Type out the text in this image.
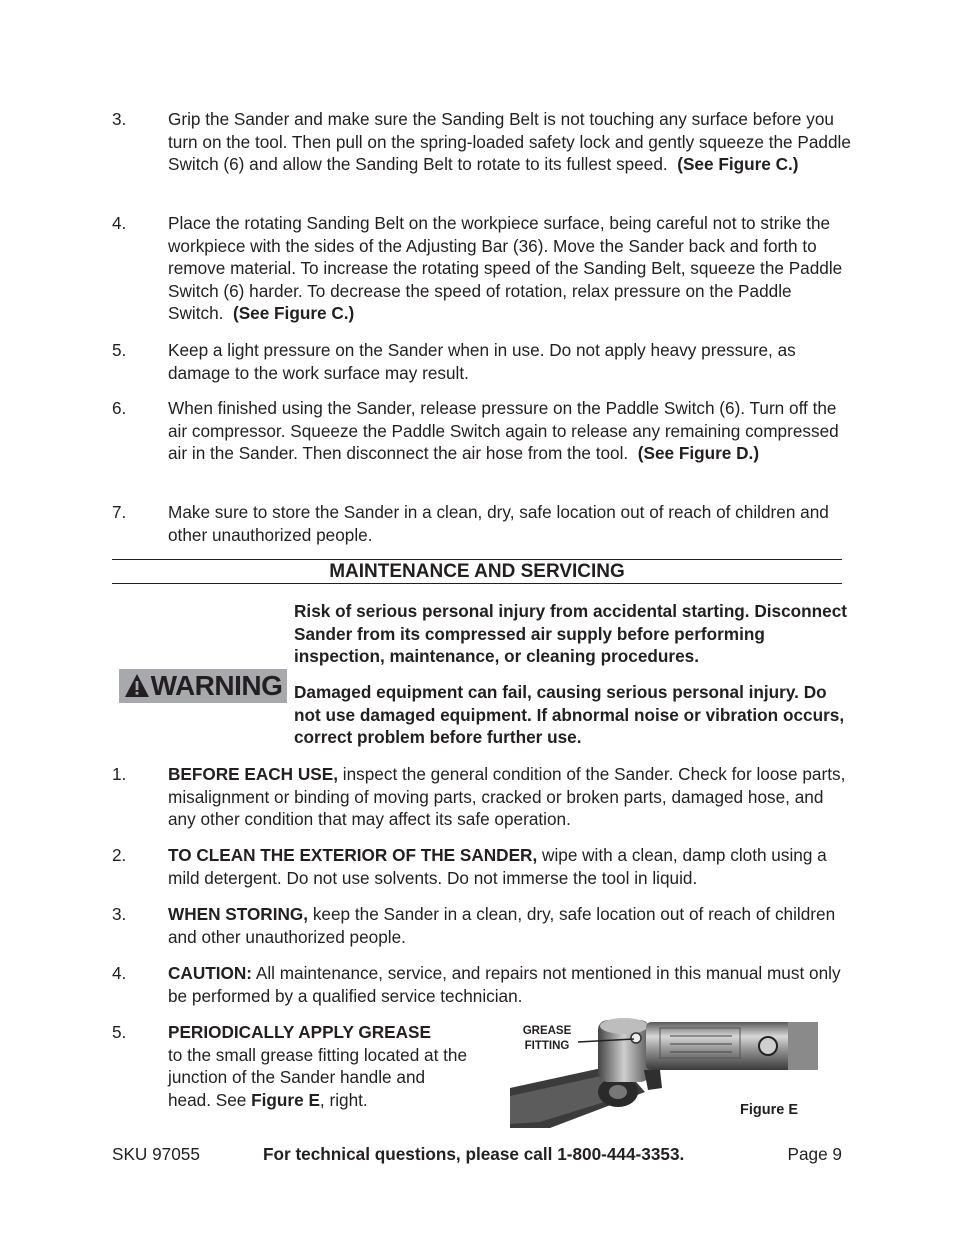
3. Grip the Sander and make sure the Sanding Belt is not touching any surface before you turn on the tool. Then pull on the spring-loaded safety lock and gently squeeze the Paddle Switch (6) and allow the Sanding Belt to rotate to its fullest speed. (See Figure C.)
4. Place the rotating Sanding Belt on the workpiece surface, being careful not to strike the workpiece with the sides of the Adjusting Bar (36). Move the Sander back and forth to remove material. To increase the rotating speed of the Sanding Belt, squeeze the Paddle Switch (6) harder. To decrease the speed of rotation, relax pressure on the Paddle Switch. (See Figure C.)
5. Keep a light pressure on the Sander when in use. Do not apply heavy pressure, as damage to the work surface may result.
6. When finished using the Sander, release pressure on the Paddle Switch (6). Turn off the air compressor. Squeeze the Paddle Switch again to release any remaining compressed air in the Sander. Then disconnect the air hose from the tool. (See Figure D.)
7. Make sure to store the Sander in a clean, dry, safe location out of reach of children and other unauthorized people.
MAINTENANCE AND SERVICING
WARNING
Risk of serious personal injury from accidental starting. Disconnect Sander from its compressed air supply before performing inspection, maintenance, or cleaning procedures.
Damaged equipment can fail, causing serious personal injury. Do not use damaged equipment. If abnormal noise or vibration occurs, correct problem before further use.
1. BEFORE EACH USE, inspect the general condition of the Sander. Check for loose parts, misalignment or binding of moving parts, cracked or broken parts, damaged hose, and any other condition that may affect its safe operation.
2. TO CLEAN THE EXTERIOR OF THE SANDER, wipe with a clean, damp cloth using a mild detergent. Do not use solvents. Do not immerse the tool in liquid.
3. WHEN STORING, keep the Sander in a clean, dry, safe location out of reach of children and other unauthorized people.
4. CAUTION: All maintenance, service, and repairs not mentioned in this manual must only be performed by a qualified service technician.
5. PERIODICALLY APPLY GREASE
to the small grease fitting located at the junction of the Sander handle and head. See Figure E, right.
GREASE
FITTING
Figure E
SKU 97055	For technical questions, please call 1-800-444-3353.	Page 9
